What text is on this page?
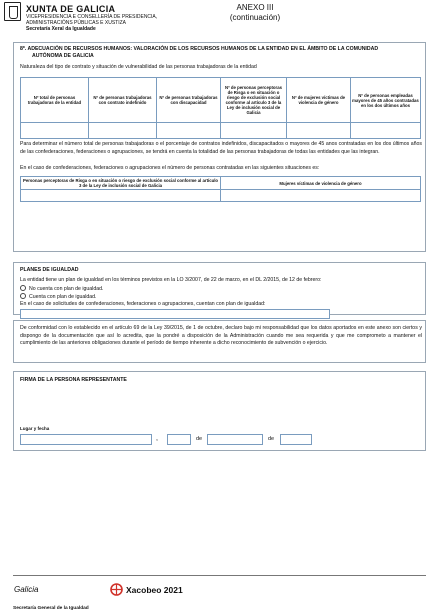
XUNTA DE GALICIA
VICEPRESIDENCIA E CONSELLERÍA DE PRESIDENCIA,
ADMINISTRACIÓNS PÚBLICAS E XUSTIZA
Secretaría Xeral da Igualdade
ANEXO III
(continuación)
8º. ADECUACIÓN DE RECURSOS HUMANOS: VALORACIÓN DE LOS RECURSOS HUMANOS DE LA ENTIDAD EN EL ÁMBITO DE LA COMUNIDAD
AUTÓNOMA DE GALICIA
Naturaleza del tipo de contrato y situación de vulnerabilidad de las personas trabajadoras de la entidad
Nº total de personas trabajadoras de la entidad	Nº de personas trabajadoras con contrato indefinido	Nº de personas trabajadoras con discapacidad	Nº de personas perceptoras de Risga o en situación o riesgo de exclusión social conforme al artículo 3 de la Ley de inclusión social de Galicia	Nº de mujeres víctimas de violencia de género	Nº de personas empleadas mayores de 45 años contratadas en los dos últimos años

Para determinar el número total de personas trabajadoras o el porcentaje de contratos indefinidos, discapacitados o mayores de 45 anos contratadas en los dos últimos años de las confederaciones, federaciones o agrupaciones, se tendrá en cuenta la totalidad de las personas trabajadoras de todas las entidades que las integran.
En el caso de confederaciones, federaciones o agrupaciones el número de personas contratadas en las siguientes situaciones es:
Personas perceptoras de Risga o en situación o riesgo de exclusión social conforme al artículo 3 de la Ley de inclusión social de Galicia	Mujeres víctimas de violencia de género

PLANES DE IGUALDAD
La entidad tiene un plan de igualdad en los términos previstos en la LO 3/2007, de 22 de marzo, en el DL 2/2015, de 12 de febrero:
No cuenta con plan de igualdad.
Cuenta con plan de igualdad.
En el caso de solicitudes de confederaciones, federaciones o agrupaciones, cuentan con plan de igualdad:
De conformidad con lo establecido en el artículo 69 de la Ley 39/2015, de 1 de octubre, declaro bajo mi responsabilidad que los datos aportados en este anexo son ciertos y dispongo de la documentación que así lo acredita, que la pondré a disposición de la Administración cuando me sea requerida y que me comprometo a mantener el cumplimiento de las anteriores obligaciones durante el período de tiempo inherente a dicho reconocimiento de subvención o ejercicio.
FIRMA DE LA PERSONA REPRESENTANTE
Lugar y fecha
,	de	de
Galicia	Xacobeo 2021
Secretaría General de la Igualdad
